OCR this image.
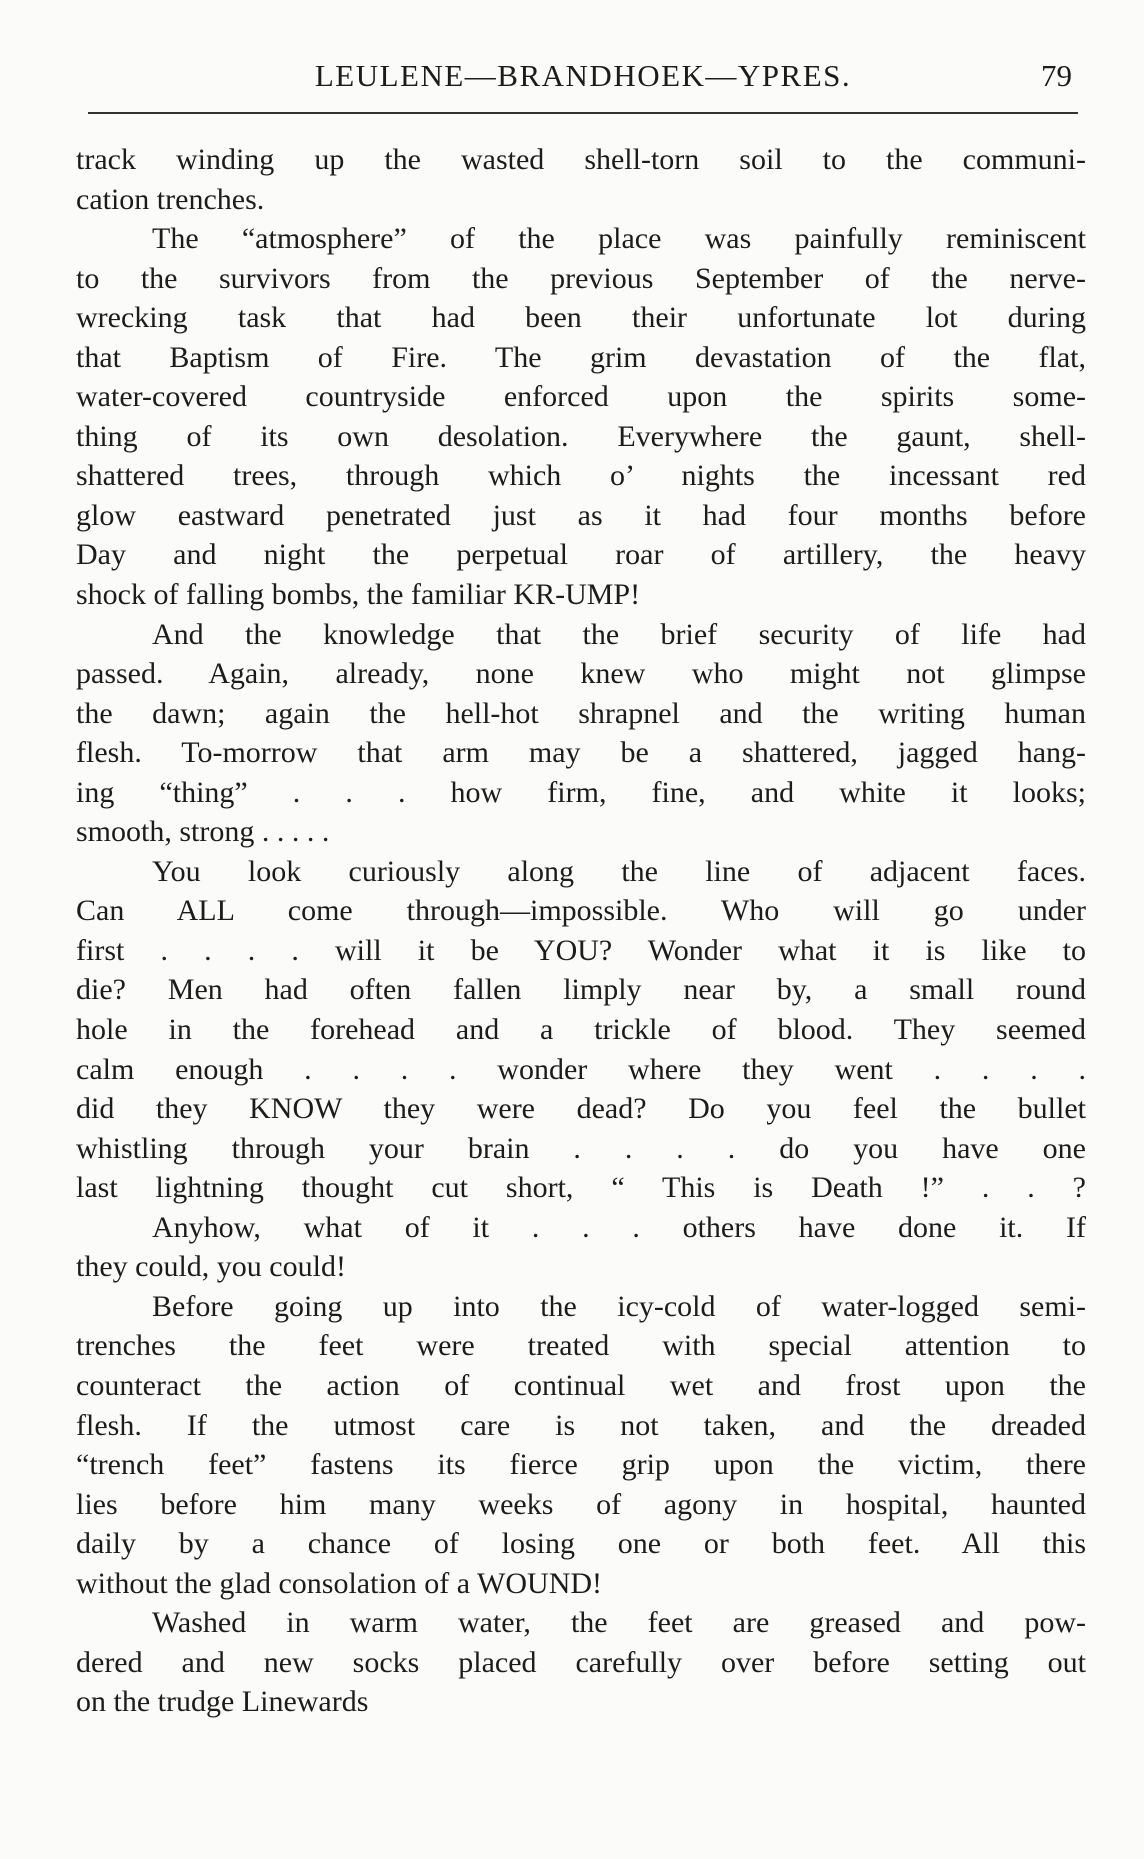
LEULENE—BRANDHOEK—YPRES.	79
track winding up the wasted shell-torn soil to the communi-
cation trenches.
The “atmosphere” of the place was painfully reminiscent
to the survivors from the previous September of the nerve-
wrecking task that had been their unfortunate lot during
that Baptism of Fire. The grim devastation of the flat,
water-covered countryside enforced upon the spirits some-
thing of its own desolation. Everywhere the gaunt, shell-
shattered trees, through which o’ nights the incessant red
glow eastward penetrated just as it had four months before
Day and night the perpetual roar of artillery, the heavy
shock of falling bombs, the familiar KR-UMP!
And the knowledge that the brief security of life had
passed. Again, already, none knew who might not glimpse
the dawn; again the hell-hot shrapnel and the writing human
flesh. To-morrow that arm may be a shattered, jagged hang-
ing “thing” . . . how firm, fine, and white it looks;
smooth, strong . . . . .
You look curiously along the line of adjacent faces.
Can ALL come through—impossible. Who will go under
first . . . . will it be YOU? Wonder what it is like to
die? Men had often fallen limply near by, a small round
hole in the forehead and a trickle of blood. They seemed
calm enough . . . . wonder where they went . . . .
did they KNOW they were dead? Do you feel the bullet
whistling through your brain . . . . do you have one
last lightning thought cut short, “ This is Death !” . . ?
Anyhow, what of it . . . others have done it. If
they could, you could!
Before going up into the icy-cold of water-logged semi-
trenches the feet were treated with special attention to
counteract the action of continual wet and frost upon the
flesh. If the utmost care is not taken, and the dreaded
“trench feet” fastens its fierce grip upon the victim, there
lies before him many weeks of agony in hospital, haunted
daily by a chance of losing one or both feet. All this
without the glad consolation of a WOUND!
Washed in warm water, the feet are greased and pow-
dered and new socks placed carefully over before setting out
on the trudge Linewards
